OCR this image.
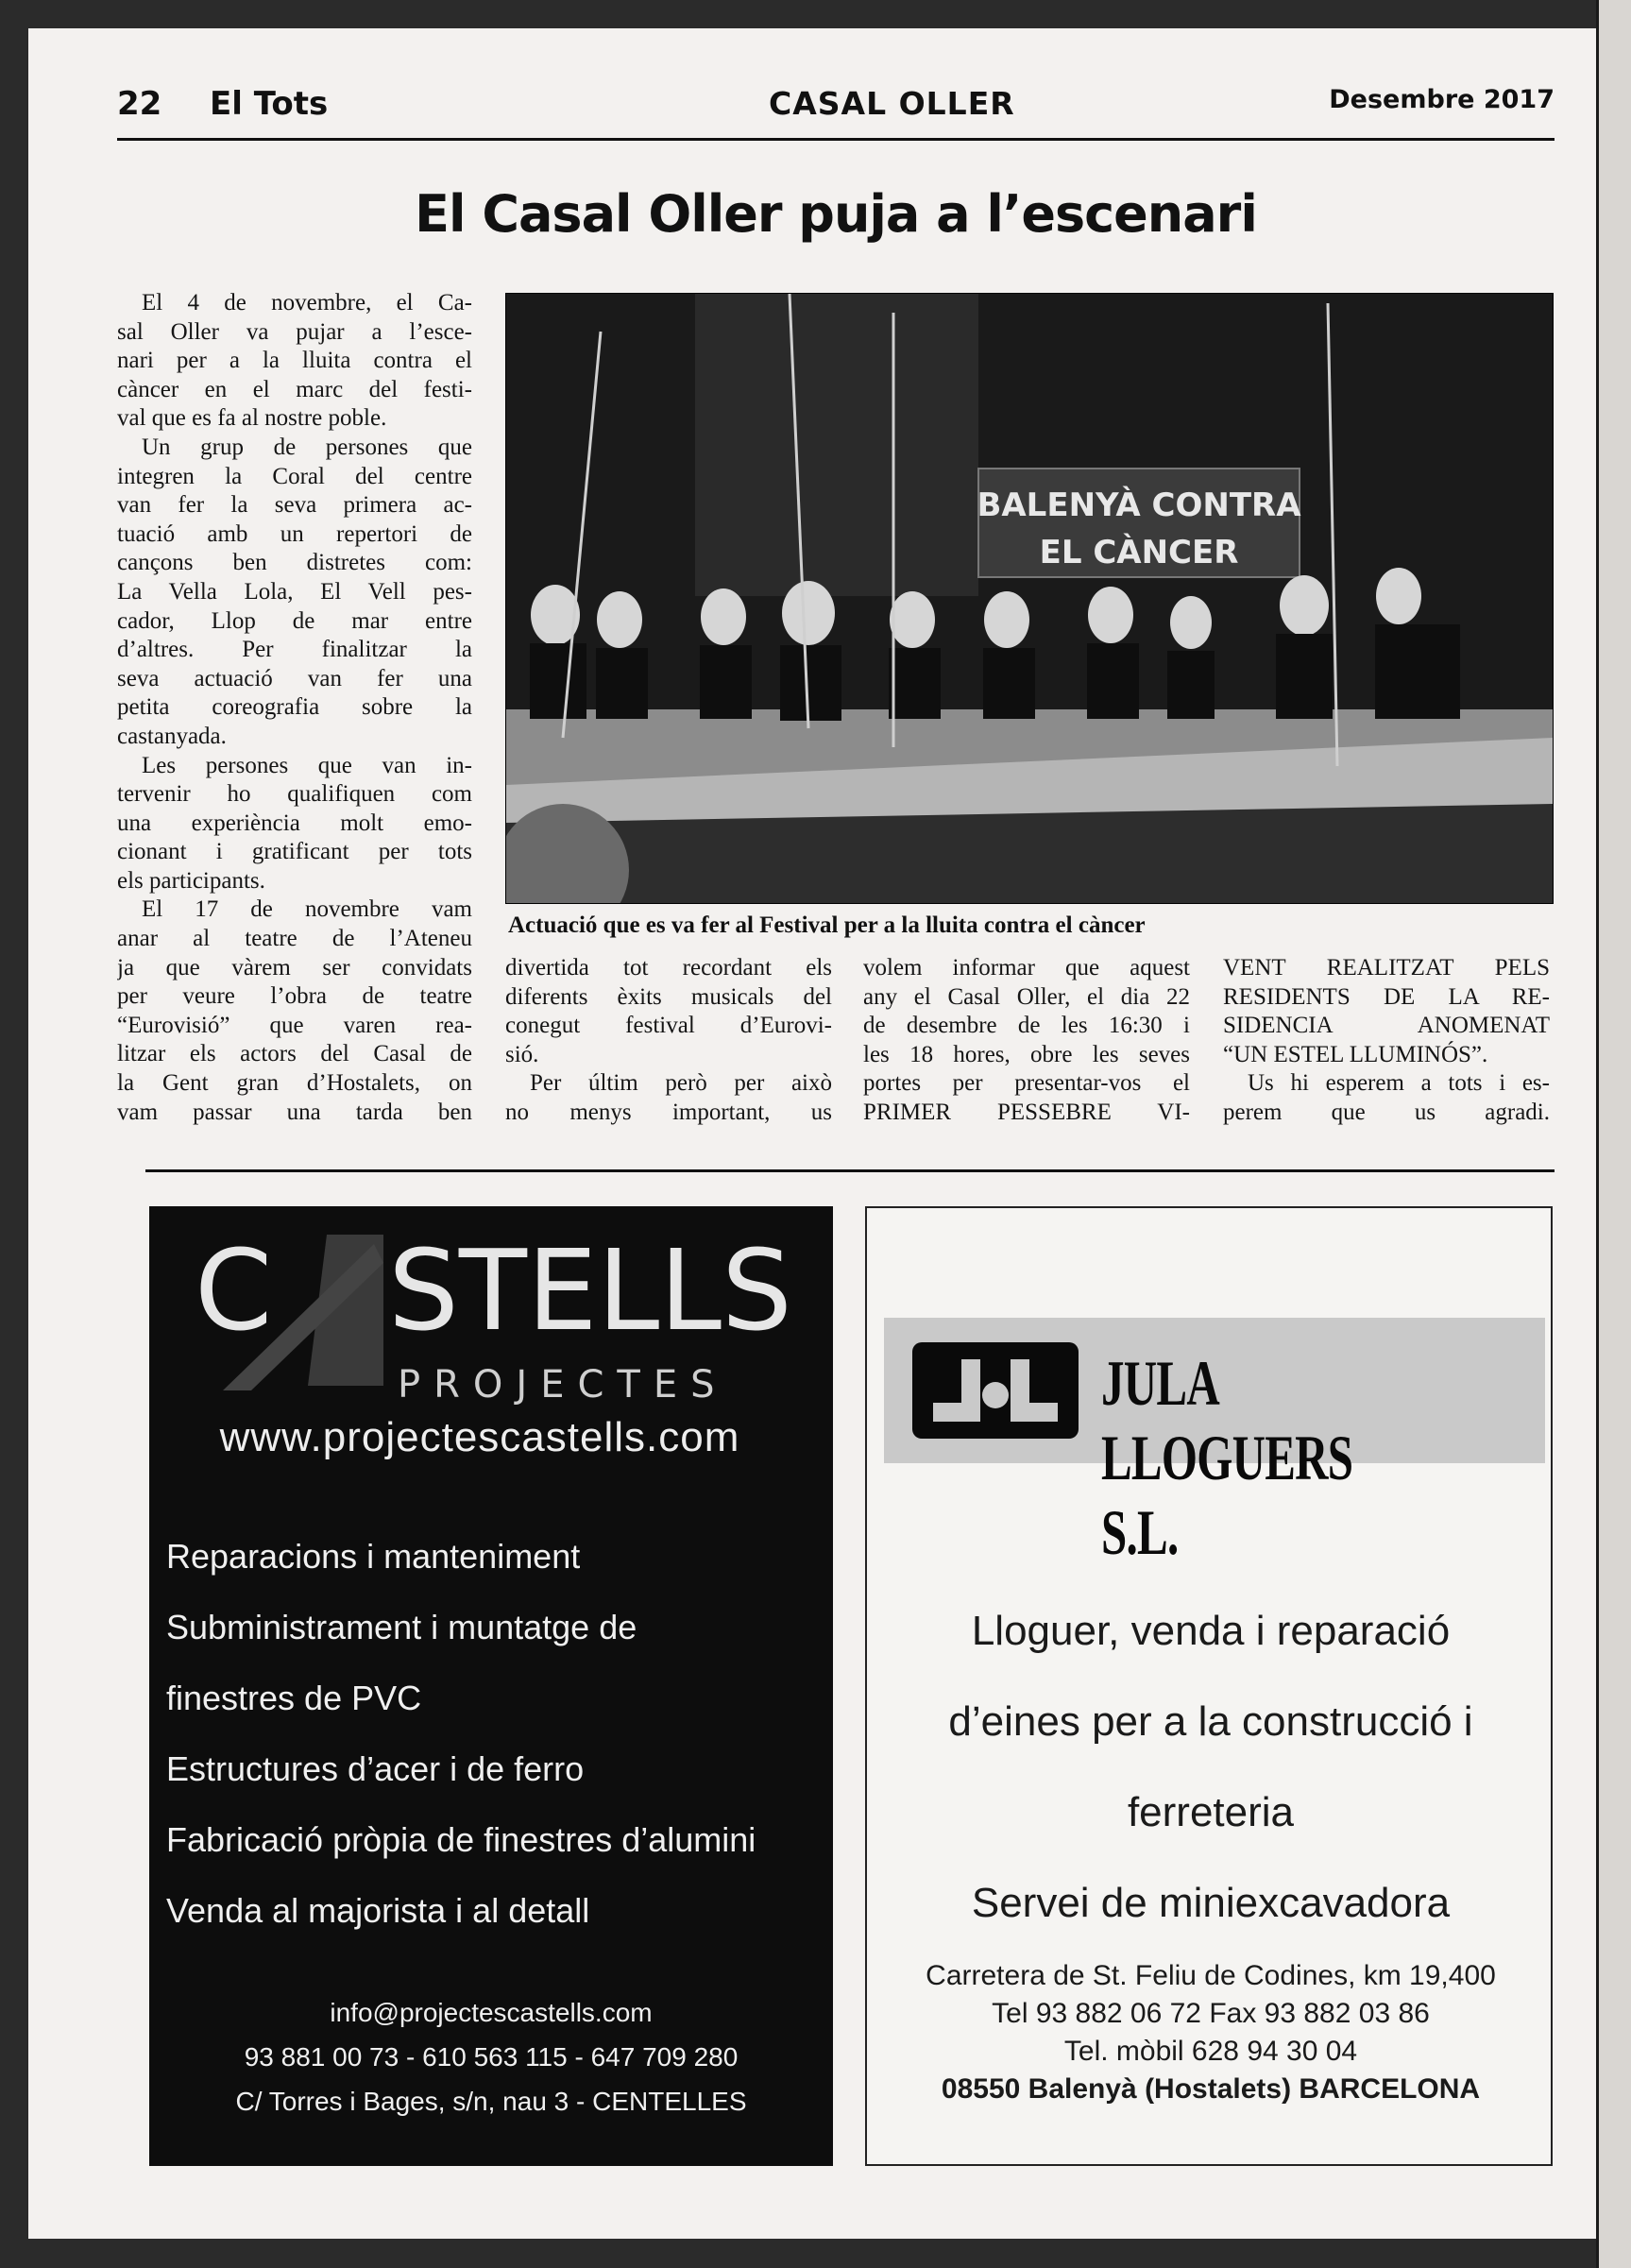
22 El Tots	CASAL OLLER	Desembre 2017
El Casal Oller puja a l’escenari
El 4 de novembre, el Ca-
sal Oller va pujar a l’esce-
nari per a la lluita contra el
càncer en el marc del festi-
val que es fa al nostre poble.
Un grup de persones que
integren la Coral del centre
van fer la seva primera ac-
tuació amb un repertori de
cançons ben distretes com:
La Vella Lola, El Vell pes-
cador, Llop de mar entre
d’altres. Per finalitzar la
seva actuació van fer una
petita coreografia sobre la
castanyada.
Les persones que van in-
tervenir ho qualifiquen com
una experiència molt emo-
cionant i gratificant per tots
els participants.
El 17 de novembre vam
anar al teatre de l’Ateneu
ja que vàrem ser convidats
per veure l’obra de teatre
“Eurovisió” que varen rea-
litzar els actors del Casal de
la Gent gran d’Hostalets, on
vam passar una tarda ben
BALENYÀ CONTRA
EL CÀNCER
Actuació que es va fer al Festival per a la lluita contra el càncer
divertida tot recordant els
diferents èxits musicals del
conegut festival d’Eurovi-
sió.
Per últim però per això
no menys important, us
volem informar que aquest
any el Casal Oller, el dia 22
de desembre de les 16:30 i
les 18 hores, obre les seves
portes per presentar-vos el
PRIMER PESSEBRE VI-
VENT REALITZAT PELS
RESIDENTS DE LA RE-
SIDENCIA ANOMENAT
“UN ESTEL LLUMINÓS”.
Us hi esperem a tots i es-
perem que us agradi.
C STELLS
PROJECTES
www.projectescastells.com
Reparacions i manteniment
Subministrament i muntatge de
finestres de PVC
Estructures d’acer i de ferro
Fabricació pròpia de finestres d’alumini
Venda al majorista i al detall
info@projectescastells.com
93 881 00 73 - 610 563 115 - 647 709 280
C/ Torres i Bages, s/n, nau 3 - CENTELLES
JULA LLOGUERS S.L.
Lloguer, venda i reparació
d’eines per a la construcció i
ferreteria
Servei de miniexcavadora
Carretera de St. Feliu de Codines, km 19,400
Tel 93 882 06 72 Fax 93 882 03 86
Tel. mòbil 628 94 30 04
08550 Balenyà (Hostalets) BARCELONA
